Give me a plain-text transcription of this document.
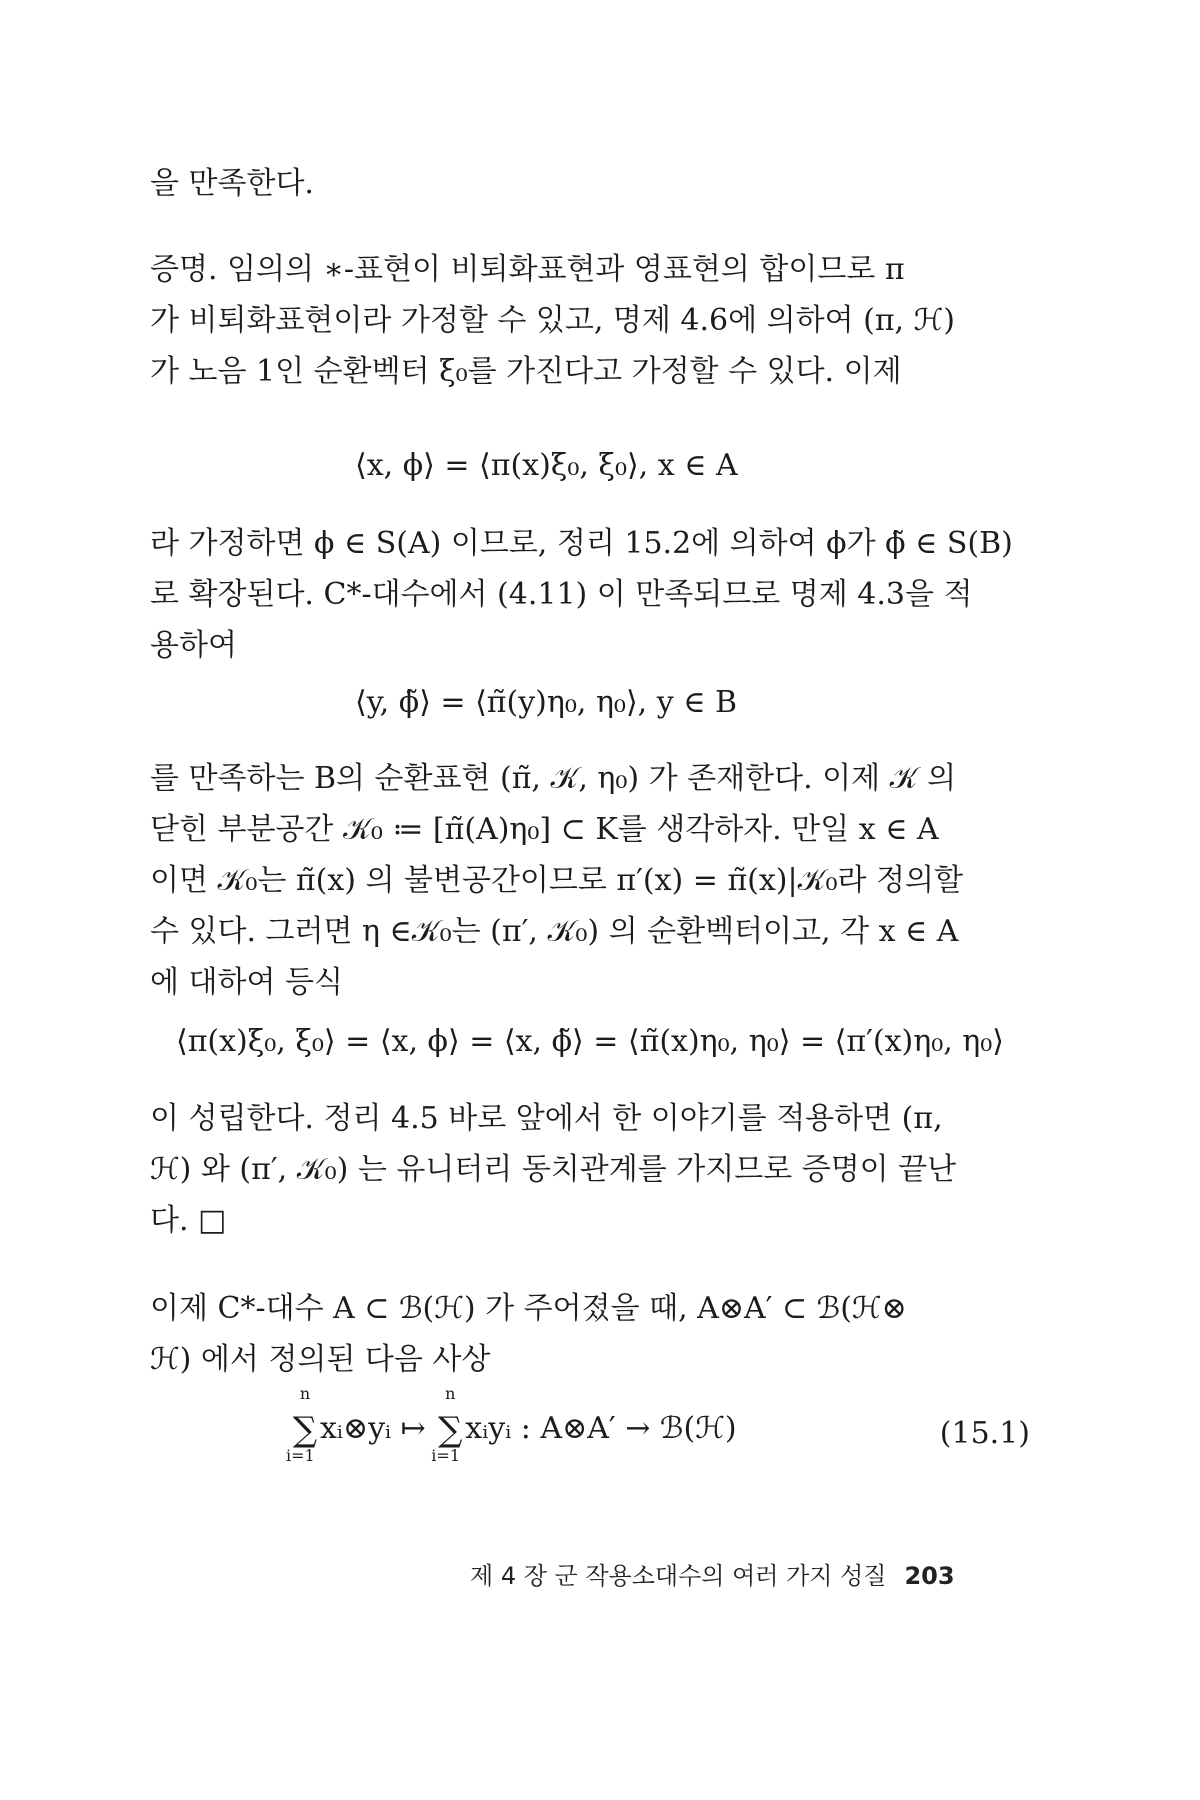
을 만족한다.

증명. 임의의 ∗-표현이 비퇴화표현과 영표현의 합이므로 π
가 비퇴화표현이라 가정할 수 있고, 명제 4.6에 의하여 (π, ℋ)
가 노음 1인 순환벡터 ξ₀를 가진다고 가정할 수 있다. 이제

⟨x, ϕ⟩ = ⟨π(x)ξ₀, ξ₀⟩, x ∈ A

라 가정하면 ϕ ∈ S(A) 이므로, 정리 15.2에 의하여 ϕ가 ϕ̃ ∈ S(B)
로 확장된다. C*-대수에서 (4.11) 이 만족되므로 명제 4.3을 적
용하여

⟨y, ϕ̃⟩ = ⟨π̃(y)η₀, η₀⟩, y ∈ B

를 만족하는 B의 순환표현 (π̃, 𝒦, η₀) 가 존재한다. 이제 𝒦 의
닫힌 부분공간 𝒦₀ ≔ [π̃(A)η₀] ⊂ K를 생각하자. 만일 x ∈ A
이면 𝒦₀는 π̃(x) 의 불변공간이므로 π′(x) = π̃(x)|𝒦₀라 정의할
수 있다. 그러면 η ∈𝒦₀는 (π′, 𝒦₀) 의 순환벡터이고, 각 x ∈ A
에 대하여 등식

⟨π(x)ξ₀, ξ₀⟩ = ⟨x, ϕ⟩ = ⟨x, ϕ̃⟩ = ⟨π̃(x)η₀, η₀⟩ = ⟨π′(x)η₀, η₀⟩

이 성립한다. 정리 4.5 바로 앞에서 한 이야기를 적용하면 (π,
ℋ) 와 (π′, 𝒦₀) 는 유니터리 동치관계를 가지므로 증명이 끝난
다. □

이제 C*-대수 A ⊂ ℬ(ℋ) 가 주어졌을 때, A⊗A′ ⊂ ℬ(ℋ⊗
ℋ) 에서 정의된 다음 사상

n
∑
i=1
xᵢ⊗yᵢ ↦
n
∑
i=1
xᵢyᵢ : A⊗A′ → ℬ(ℋ)	(15.1)
제 4 장 군 작용소대수의 여러 가지 성질 203
